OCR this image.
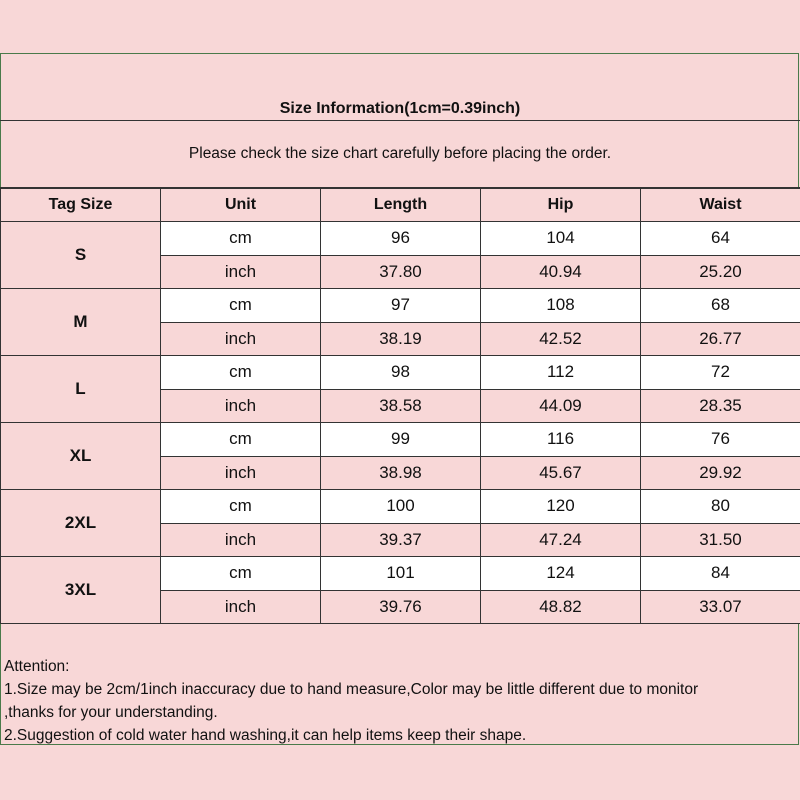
Size Information(1cm=0.39inch)
Please check the size chart carefully before placing the order.
Tag Size	Unit	Length	Hip	Waist
S	cm	96	104	64
	inch	37.80	40.94	25.20
M	cm	97	108	68
	inch	38.19	42.52	26.77
L	cm	98	112	72
	inch	38.58	44.09	28.35
XL	cm	99	116	76
	inch	38.98	45.67	29.92
2XL	cm	100	120	80
	inch	39.37	47.24	31.50
3XL	cm	101	124	84
	inch	39.76	48.82	33.07
Attention:
1.Size may be 2cm/1inch inaccuracy due to hand measure,Color may be little different due to monitor
,thanks for your understanding.
2.Suggestion of cold water hand washing,it can help items keep their shape.
